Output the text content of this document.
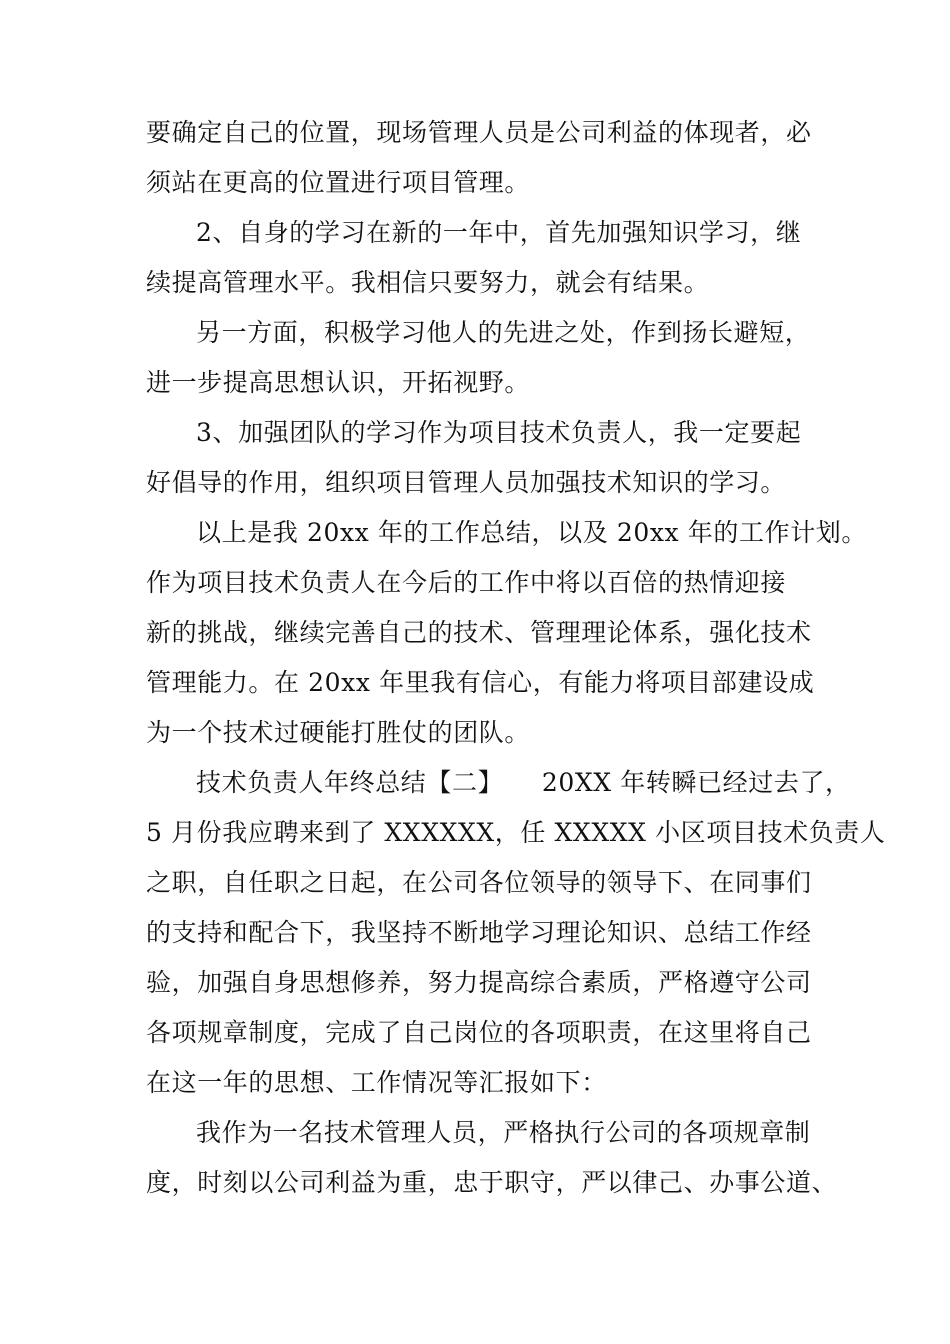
要确定自己的位置，现场管理人员是公司利益的体现者，必
须站在更高的位置进行项目管理。
2、自身的学习在新的一年中，首先加强知识学习，继
续提高管理水平。我相信只要努力，就会有结果。
另一方面，积极学习他人的先进之处，作到扬长避短，
进一步提高思想认识，开拓视野。
3、加强团队的学习作为项目技术负责人，我一定要起
好倡导的作用，组织项目管理人员加强技术知识的学习。
以上是我 20xx 年的工作总结，以及 20xx 年的工作计划。
作为项目技术负责人在今后的工作中将以百倍的热情迎接
新的挑战，继续完善自己的技术、管理理论体系，强化技术
管理能力。在 20xx 年里我有信心，有能力将项目部建设成
为一个技术过硬能打胜仗的团队。
技术负责人年终总结【二】　　20XX 年转瞬已经过去了，
5 月份我应聘来到了 XXXXXX，任 XXXXX 小区项目技术负责人
之职，自任职之日起，在公司各位领导的领导下、在同事们
的支持和配合下，我坚持不断地学习理论知识、总结工作经
验，加强自身思想修养，努力提高综合素质，严格遵守公司
各项规章制度，完成了自己岗位的各项职责，在这里将自己
在这一年的思想、工作情况等汇报如下：
我作为一名技术管理人员，严格执行公司的各项规章制
度，时刻以公司利益为重，忠于职守，严以律己、办事公道、
